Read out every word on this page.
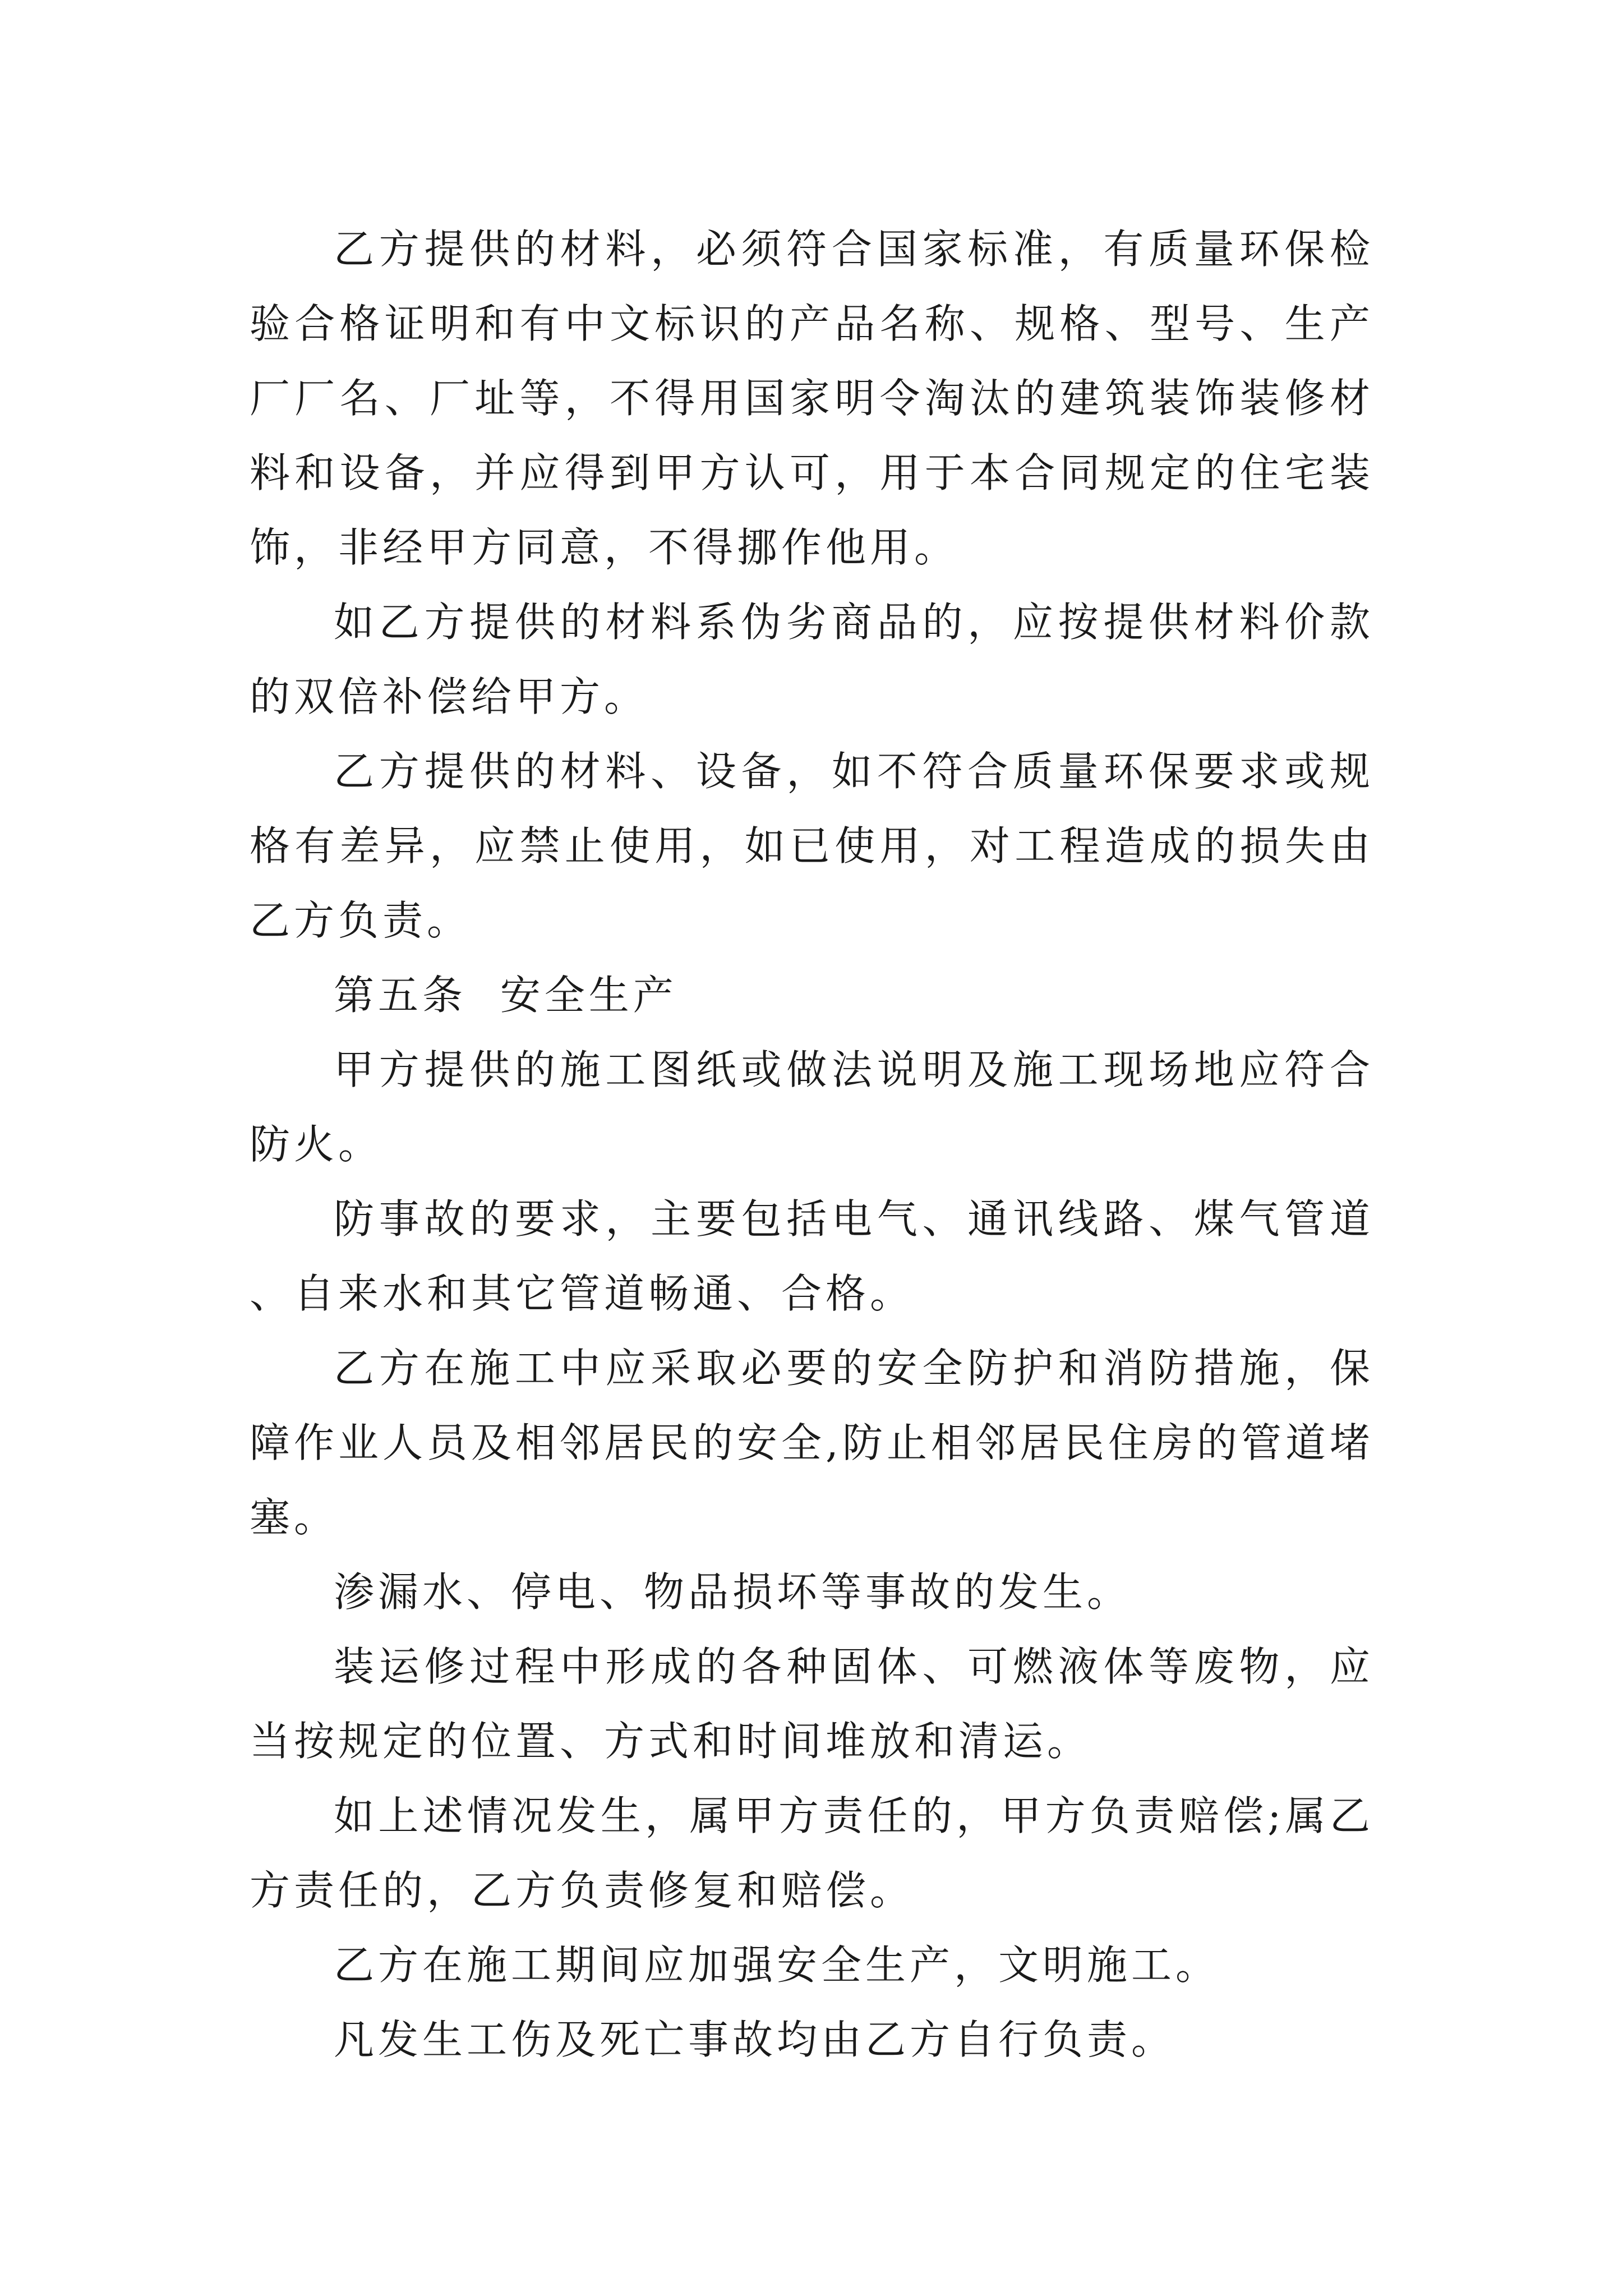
乙方提供的材料，必须符合国家标准，有质量环保检验合格证明和有中文标识的产品名称、规格、型号、生产厂厂名、厂址等，不得用国家明令淘汰的建筑装饰装修材料和设备，并应得到甲方认可，用于本合同规定的住宅装饰，非经甲方同意，不得挪作他用。

如乙方提供的材料系伪劣商品的，应按提供材料价款的双倍补偿给甲方。

乙方提供的材料、设备，如不符合质量环保要求或规格有差异，应禁止使用，如已使用，对工程造成的损失由乙方负责。

第五条  安全生产

甲方提供的施工图纸或做法说明及施工现场地应符合防火。

防事故的要求，主要包括电气、通讯线路、煤气管道、自来水和其它管道畅通、合格。

乙方在施工中应采取必要的安全防护和消防措施，保障作业人员及相邻居民的安全,防止相邻居民住房的管道堵塞。

渗漏水、停电、物品损坏等事故的发生。

装运修过程中形成的各种固体、可燃液体等废物，应当按规定的位置、方式和时间堆放和清运。

如上述情况发生，属甲方责任的，甲方负责赔偿;属乙方责任的，乙方负责修复和赔偿。

乙方在施工期间应加强安全生产，文明施工。

凡发生工伤及死亡事故均由乙方自行负责。
